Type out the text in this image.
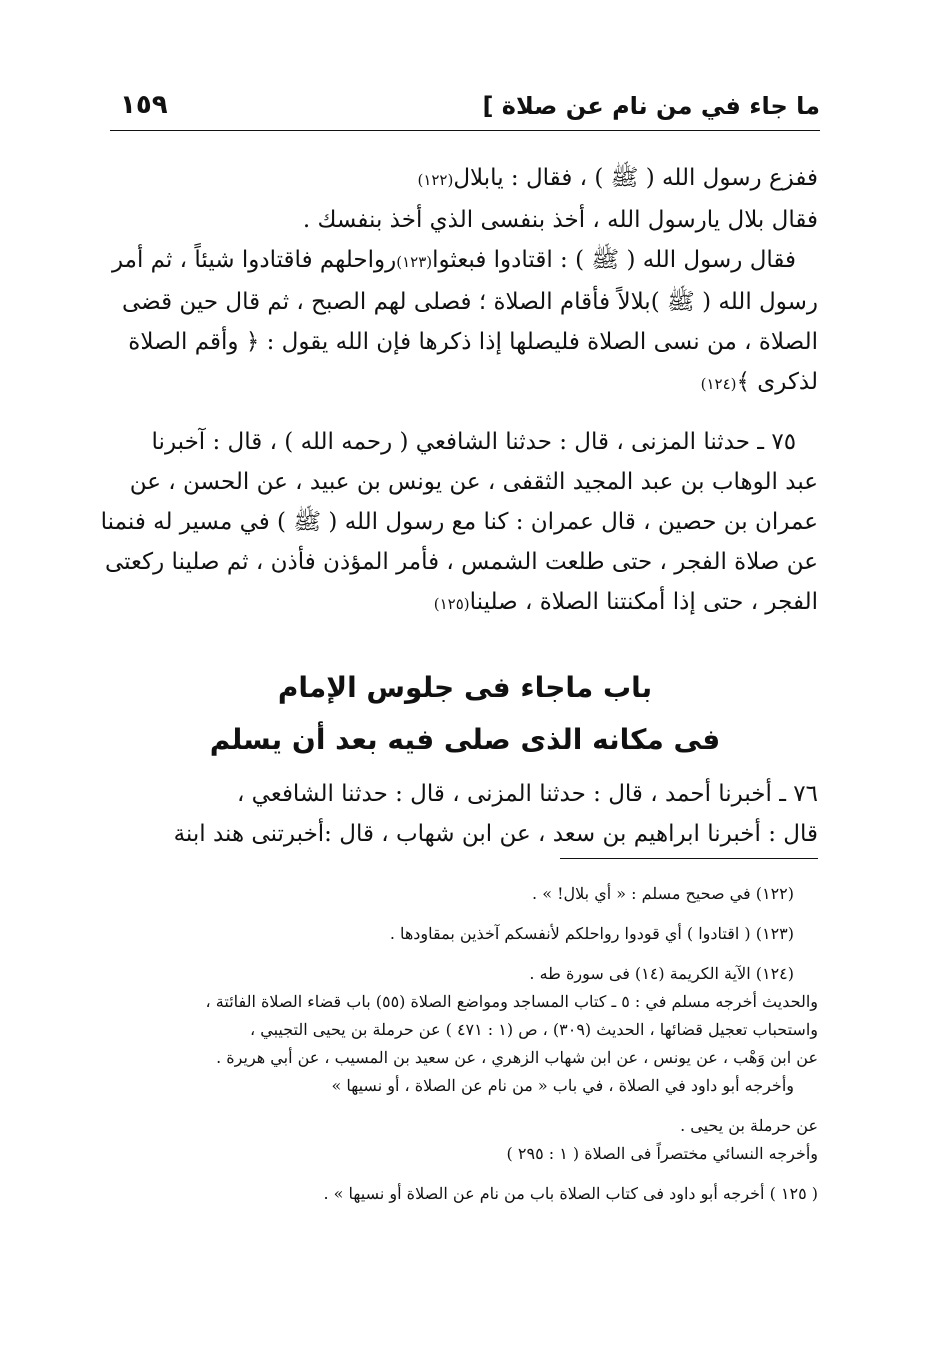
ما جاء في من نام عن صلاة ]
١٥٩
ففزع رسول الله ( ﷺ ) ، فقال : يابلال(١٢٢)
فقال بلال يارسول الله ، أخذ بنفسى الذي أخذ بنفسك .
فقال رسول الله ( ﷺ ) : اقتادوا فبعثوا(١٢٣)رواحلهم فاقتادوا شيئاً ، ثم أمر
رسول الله ( ﷺ )بلالاً فأقام الصلاة ؛ فصلى لهم الصبح ، ثم قال حين قضى
الصلاة ، من نسى الصلاة فليصلها إذا ذكرها فإن الله يقول : ﴿ وأقم الصلاة
لذكرى ﴾(١٢٤)
٧٥ ـ حدثنا المزنى ، قال : حدثنا الشافعي ( رحمه الله ) ، قال : آخبرنا
عبد الوهاب بن عبد المجيد الثقفى ، عن يونس بن عبيد ، عن الحسن ، عن
عمران بن حصين ، قال عمران : كنا مع رسول الله ( ﷺ ) في مسير له فنمنا
عن صلاة الفجر ، حتى طلعت الشمس ، فأمر المؤذن فأذن ، ثم صلينا ركعتى
الفجر ، حتى إذا أمكنتنا الصلاة ، صلينا(١٢٥)
باب ماجاء فى جلوس الإمام
فى مكانه الذى صلى فيه بعد أن يسلم
٧٦ ـ أخبرنا أحمد ، قال : حدثنا المزنى ، قال : حدثنا الشافعي ،
قال : أخبرنا ابراهيم بن سعد ، عن ابن شهاب ، قال :أخبرتنى هند ابنة
(١٢٢) في صحيح مسلم : « أي بلال! » .
(١٢٣) ( اقتادوا ) أي قودوا رواحلكم لأنفسكم آخذين بمقاودها .
(١٢٤) الآية الكريمة (١٤) فى سورة طه .
والحديث أخرجه مسلم في : ٥ ـ كتاب المساجد ومواضع الصلاة (٥٥) باب قضاء الصلاة الفائتة ،
واستحباب تعجيل قضائها ، الحديث (٣٠٩) ، ص (١ : ٤٧١ ) عن حرملة بن يحيى التجيبي ،
عن ابن وَهْب ، عن يونس ، عن ابن شهاب الزهري ، عن سعيد بن المسيب ، عن أبي هريرة .
وأخرجه أبو داود في الصلاة ، في باب « من نام عن الصلاة ، أو نسيها »
عن حرملة بن يحيى .
وأخرجه النسائي مختصراً فى الصلاة ( ١ : ٢٩٥ )
( ١٢٥ ) أخرجه أبو داود فى كتاب الصلاة باب من نام عن الصلاة أو نسيها » .
